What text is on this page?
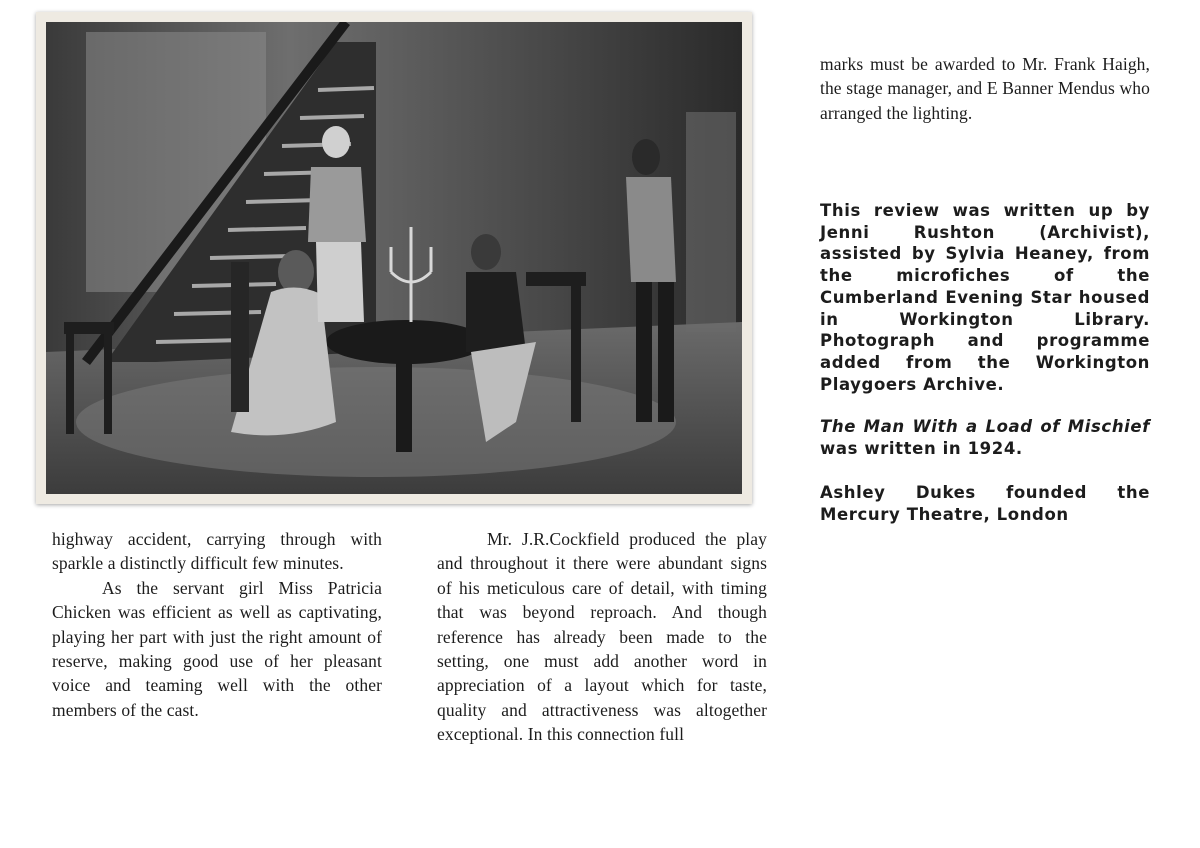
highway accident, carrying through with sparkle a distinctly difficult few minutes.

As the servant girl Miss Patricia Chicken was efficient as well as captivating, playing her part with just the right amount of reserve, making good use of her pleasant voice and teaming well with the other members of the cast.

Mr. J.R.Cockfield produced the play and throughout it there were abundant signs of his meticulous care of detail, with timing that was beyond reproach. And though reference has already been made to the setting, one must add another word in appreciation of a layout which for taste, quality and attractiveness was altogether exceptional. In this connection full

marks must be awarded to Mr. Frank Haigh, the stage manager, and E Banner Mendus who arranged the lighting.

This review was written up by Jenni Rushton (Archivist), assisted by Sylvia Heaney, from the microfiches of the Cumberland Evening Star housed in Workington Library. Photograph and programme added from the Workington Playgoers Archive.

The Man With a Load of Mischief was written in 1924.

Ashley Dukes founded the Mercury Theatre, London
